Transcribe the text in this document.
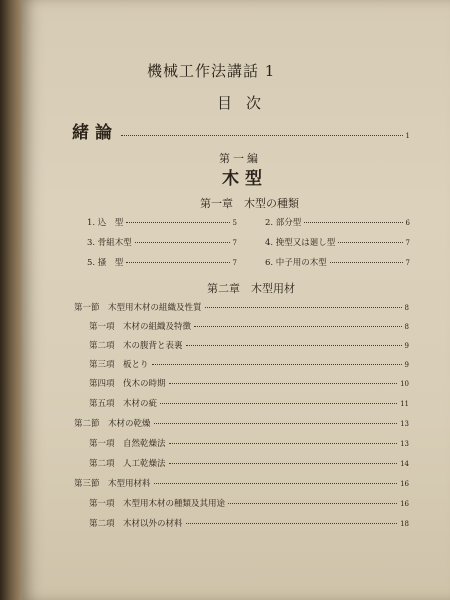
機械工作法講話 1
目次
緒論	1
第一編
木型
第一章　木型の種類
1. 込　型	5	2. 部分型	6
3. 骨組木型	7	4. 挽型又は廻し型	7
5. 搔　型	7	6. 中子用の木型	7
第二章　木型用材
第一節　木型用木材の組織及性質	8
第一項　木材の組織及特徴	8
第二項　木の腹背と表裏	9
第三項　板とり	9
第四項　伐木の時期	10
第五項　木材の疵	11
第二節　木材の乾燥	13
第一項　自然乾燥法	13
第二項　人工乾燥法	14
第三節　木型用材料	16
第一項　木型用木材の種類及其用途	16
第二項　木材以外の材料	18
